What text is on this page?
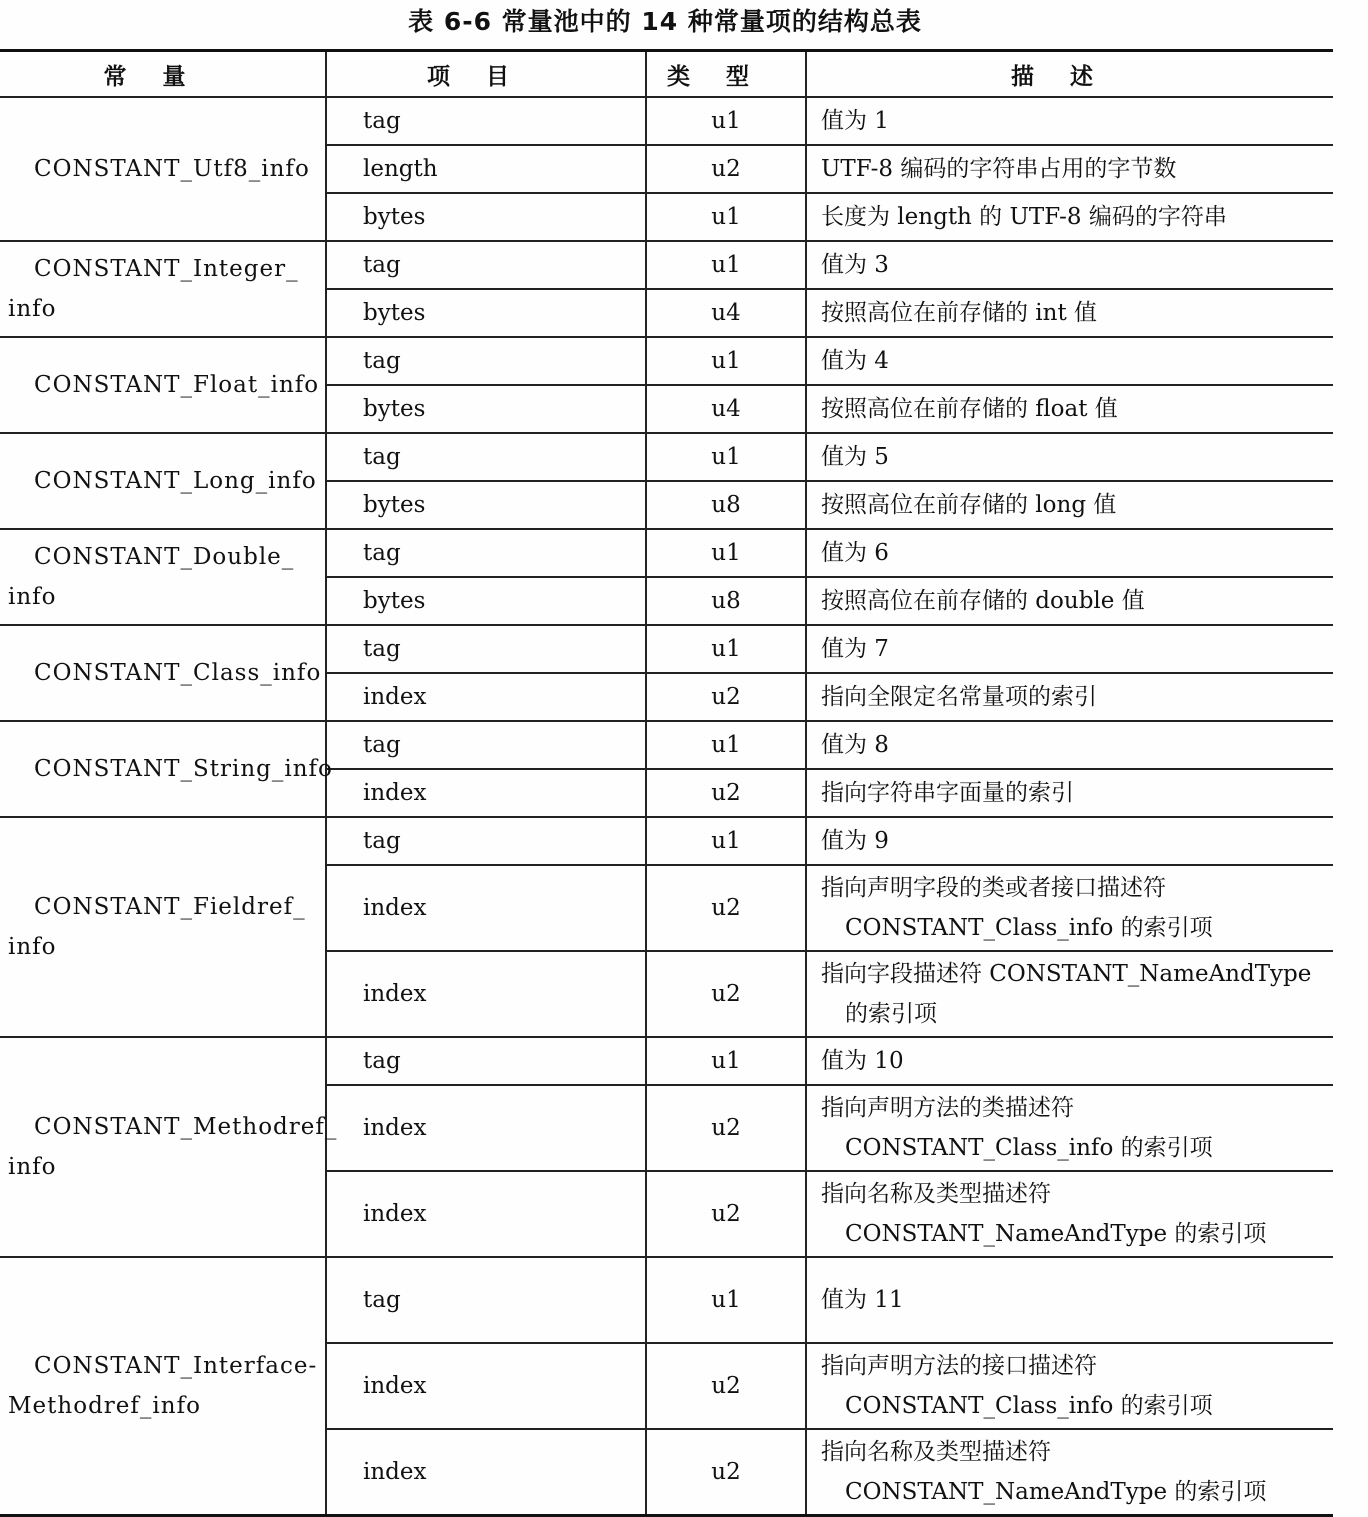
表 6-6 常量池中的 14 种常量项的结构总表
常量	项目	类型	描述

CONSTANT_Utf8_info	tag	u1	值为 1

	length	u2	UTF-8 编码的字符串占用的字节数

	bytes	u1	长度为 length 的 UTF-8 编码的字符串

CONSTANT_Integer_
info	tag	u1	值为 3

	bytes	u4	按照高位在前存储的 int 值

CONSTANT_Float_info	tag	u1	值为 4

	bytes	u4	按照高位在前存储的 float 值

CONSTANT_Long_info	tag	u1	值为 5

	bytes	u8	按照高位在前存储的 long 值

CONSTANT_Double_
info	tag	u1	值为 6

	bytes	u8	按照高位在前存储的 double 值

CONSTANT_Class_info	tag	u1	值为 7

	index	u2	指向全限定名常量项的索引

CONSTANT_String_info	tag	u1	值为 8

	index	u2	指向字符串字面量的索引

CONSTANT_Fieldref_
info	tag	u1	值为 9

	index	u2	指向声明字段的类或者接口描述符 CONSTANT_Class_info 的索引项

	index	u2	指向字段描述符 CONSTANT_NameAndType 的索引项

CONSTANT_Methodref_
info	tag	u1	值为 10

	index	u2	指向声明方法的类描述符 CONSTANT_Class_info 的索引项

	index	u2	指向名称及类型描述符 CONSTANT_NameAndType 的索引项

CONSTANT_Interface-
Methodref_info	tag	u1	值为 11

	index	u2	指向声明方法的接口描述符 CONSTANT_Class_info 的索引项

	index	u2	指向名称及类型描述符 CONSTANT_NameAndType 的索引项
